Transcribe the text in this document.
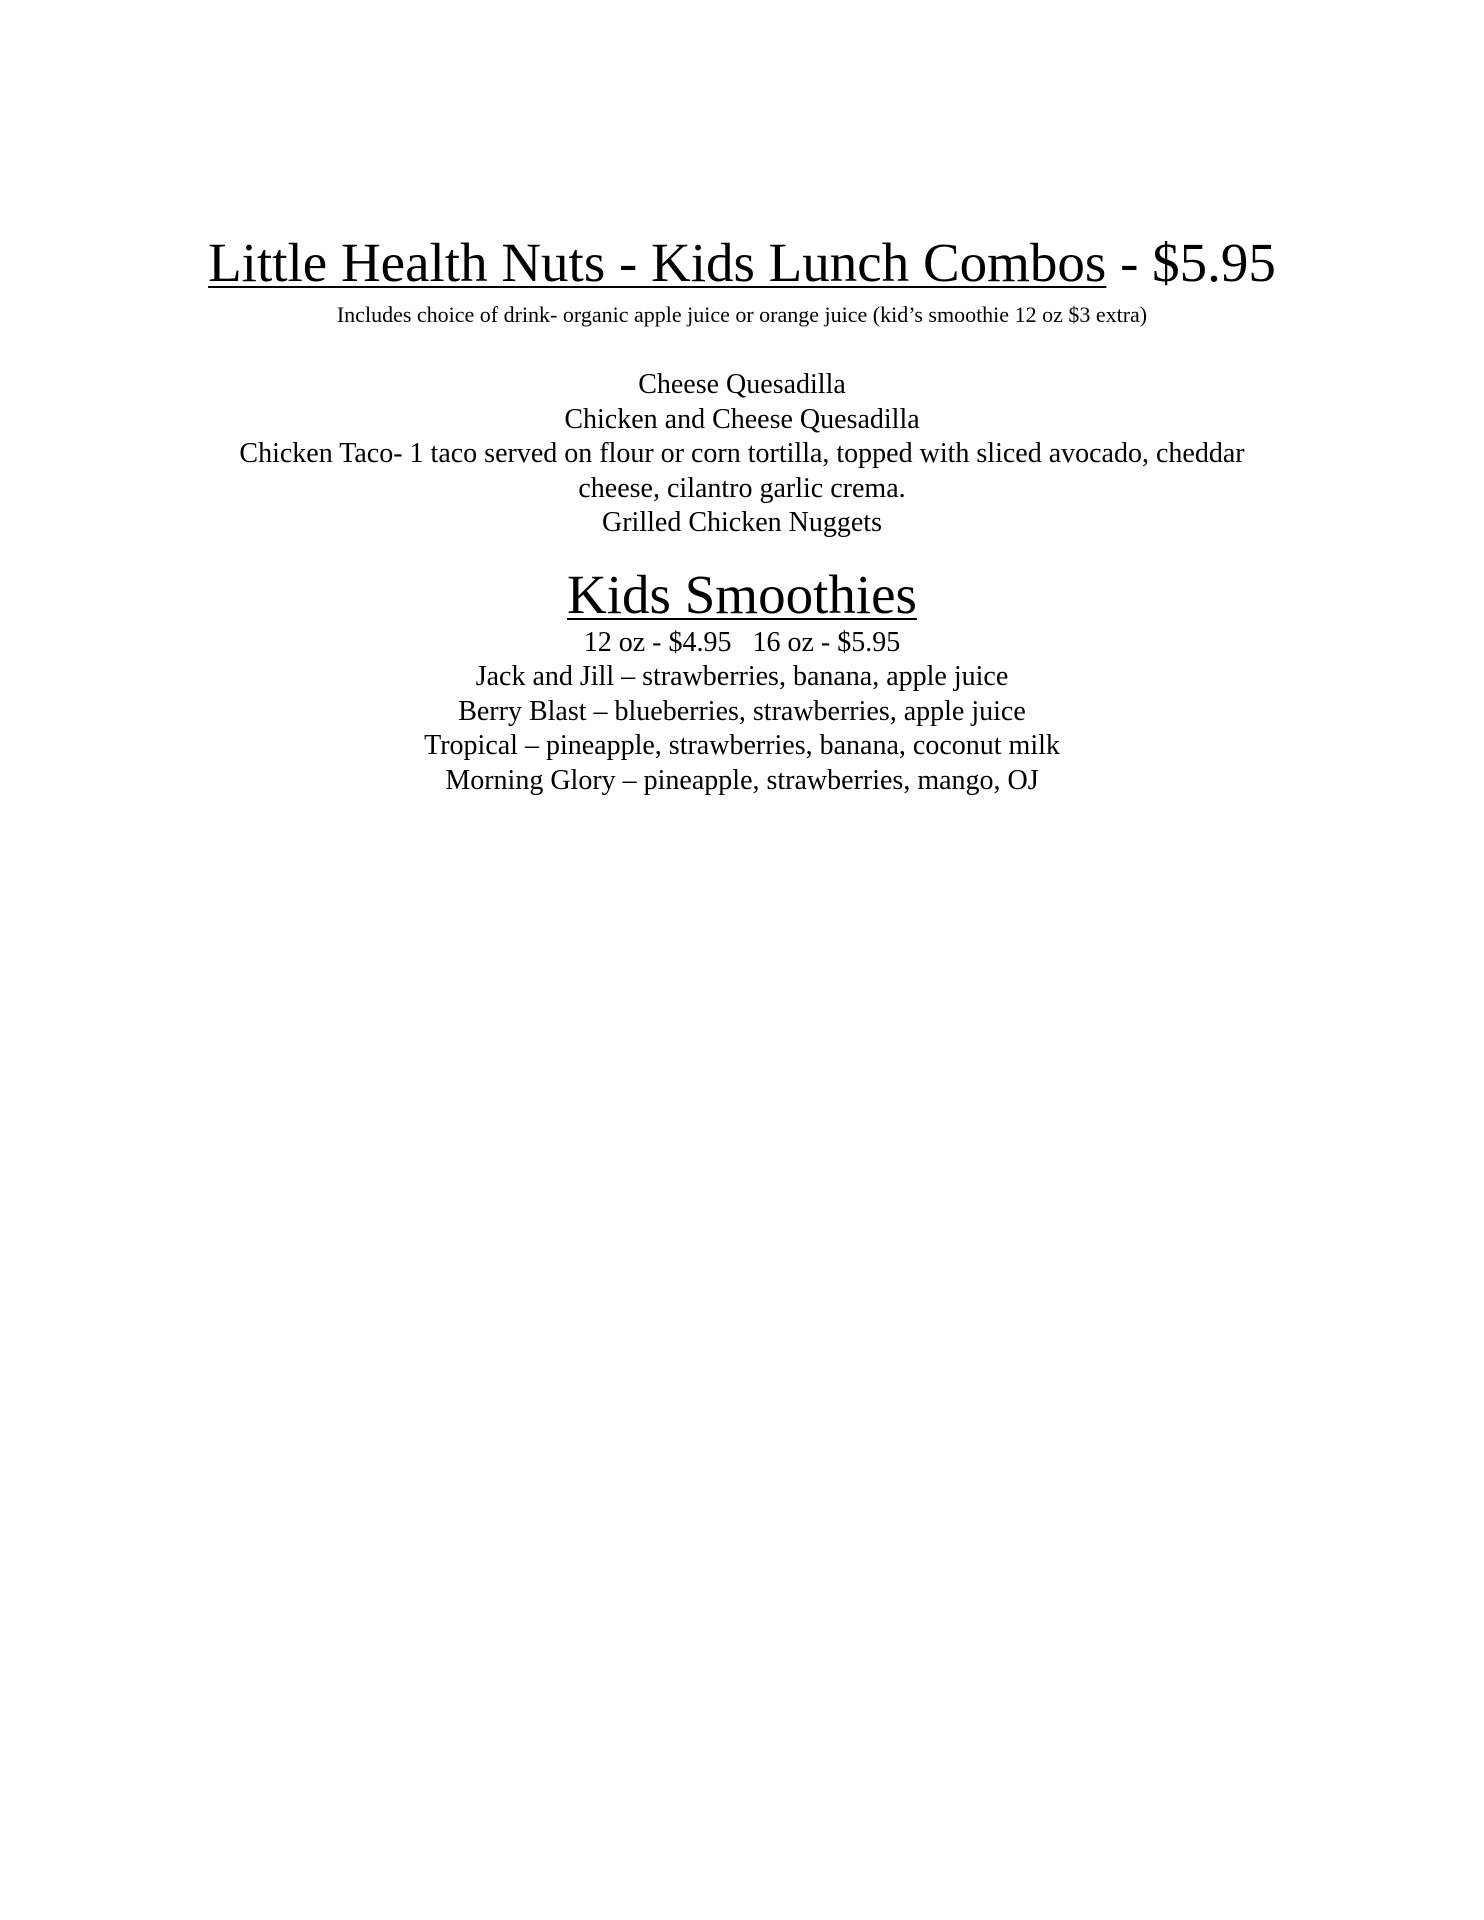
Little Health Nuts - Kids Lunch Combos - $5.95
Includes choice of drink- organic apple juice or orange juice (kid’s smoothie 12 oz $3 extra)
Cheese Quesadilla
Chicken and Cheese Quesadilla
Chicken Taco- 1 taco served on flour or corn tortilla, topped with sliced avocado, cheddar cheese, cilantro garlic crema.
Grilled Chicken Nuggets
Kids Smoothies
12 oz - $4.95   16 oz - $5.95
Jack and Jill – strawberries, banana, apple juice
Berry Blast – blueberries, strawberries, apple juice
Tropical – pineapple, strawberries, banana, coconut milk
Morning Glory – pineapple, strawberries, mango, OJ
